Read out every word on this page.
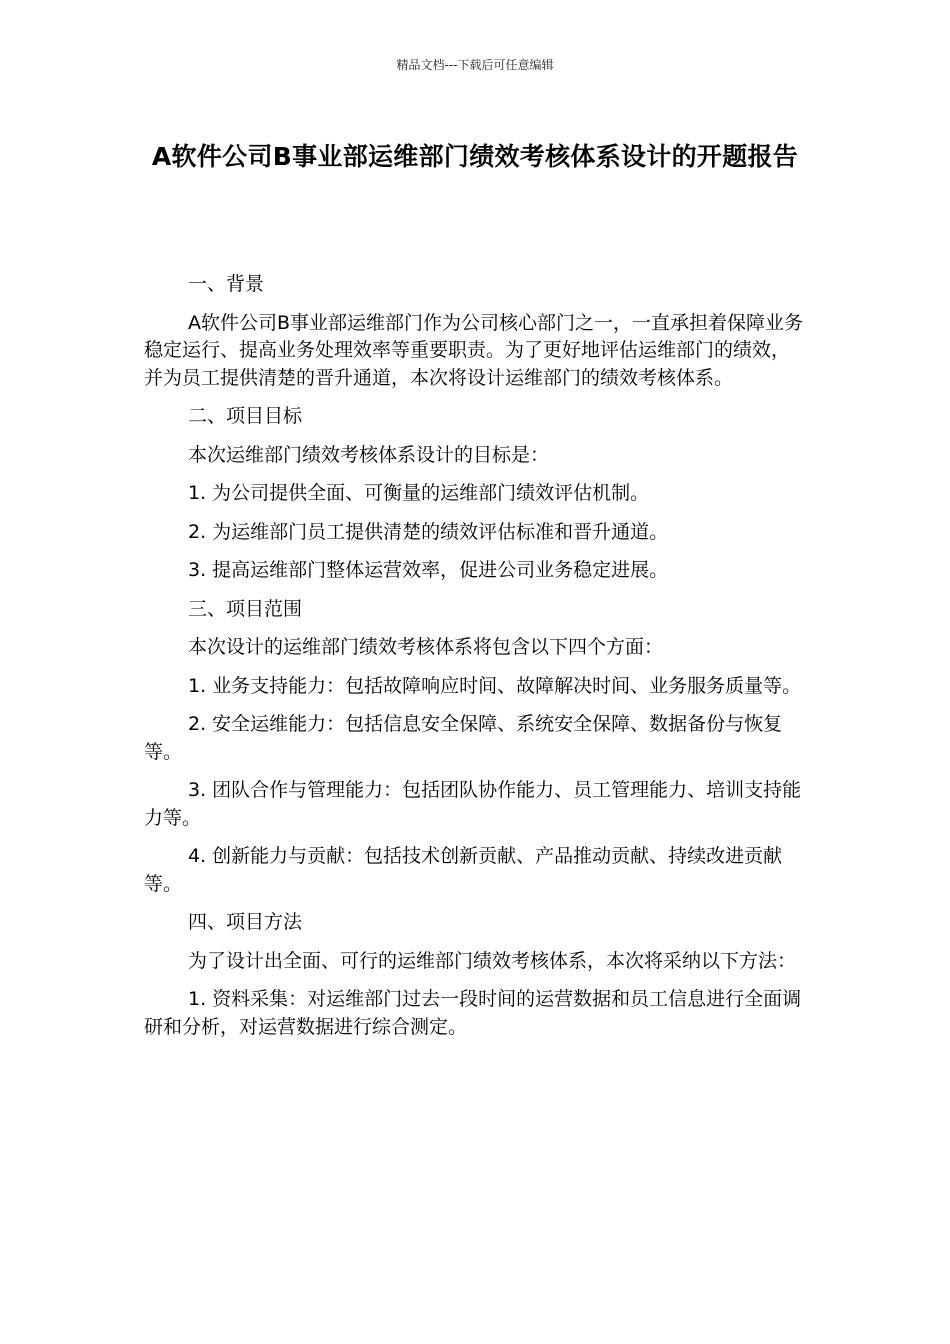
精品文档---下载后可任意编辑
A软件公司B事业部运维部门绩效考核体系设计的开题报告

一、背景

A软件公司B事业部运维部门作为公司核心部门之一，一直承担着保障业务稳定运行、提高业务处理效率等重要职责。为了更好地评估运维部门的绩效，并为员工提供清楚的晋升通道，本次将设计运维部门的绩效考核体系。

二、项目目标

本次运维部门绩效考核体系设计的目标是：

1. 为公司提供全面、可衡量的运维部门绩效评估机制。

2. 为运维部门员工提供清楚的绩效评估标准和晋升通道。

3. 提高运维部门整体运营效率，促进公司业务稳定进展。

三、项目范围

本次设计的运维部门绩效考核体系将包含以下四个方面：

1. 业务支持能力：包括故障响应时间、故障解决时间、业务服务质量等。

2. 安全运维能力：包括信息安全保障、系统安全保障、数据备份与恢复等。

3. 团队合作与管理能力：包括团队协作能力、员工管理能力、培训支持能力等。

4. 创新能力与贡献：包括技术创新贡献、产品推动贡献、持续改进贡献等。

四、项目方法

为了设计出全面、可行的运维部门绩效考核体系，本次将采纳以下方法：

1. 资料采集：对运维部门过去一段时间的运营数据和员工信息进行全面调研和分析，对运营数据进行综合测定。
